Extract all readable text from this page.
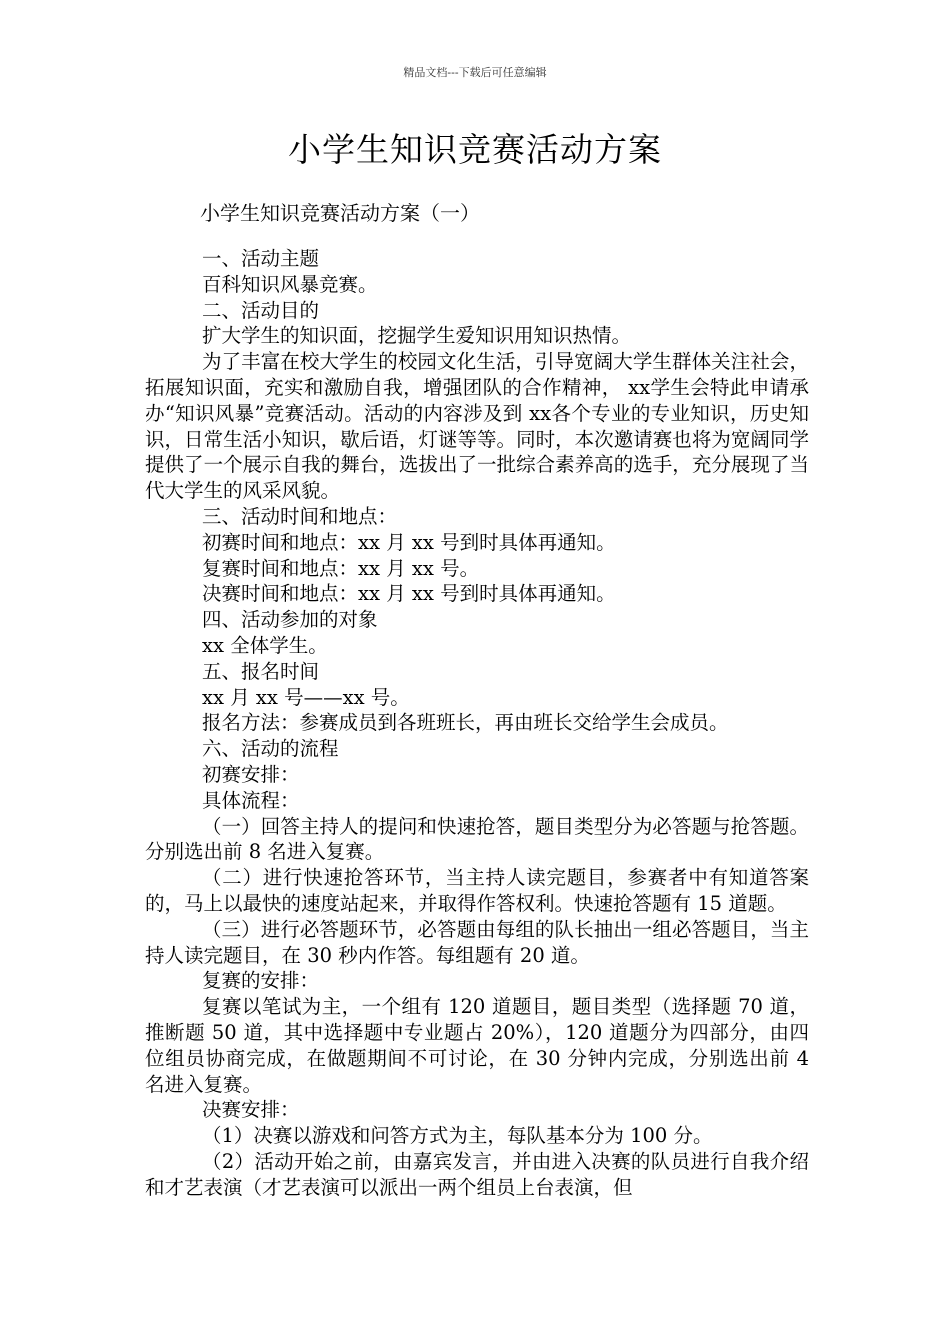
精品文档---下载后可任意编辑
小学生知识竞赛活动方案
小学生知识竞赛活动方案（一）

一、活动主题

百科知识风暴竞赛。

二、活动目的

扩大学生的知识面，挖掘学生爱知识用知识热情。

为了丰富在校大学生的校园文化生活，引导宽阔大学生群体关注社会，拓展知识面，充实和激励自我，增强团队的合作精神， xx学生会特此申请承办“知识风暴”竞赛活动。活动的内容涉及到 xx各个专业的专业知识，历史知识，日常生活小知识，歇后语，灯谜等等。同时，本次邀请赛也将为宽阔同学提供了一个展示自我的舞台，选拔出了一批综合素养高的选手，充分展现了当代大学生的风采风貌。

三、活动时间和地点：

初赛时间和地点：xx 月 xx 号到时具体再通知。

复赛时间和地点：xx 月 xx 号。

决赛时间和地点：xx 月 xx 号到时具体再通知。

四、活动参加的对象

xx 全体学生。

五、报名时间

xx 月 xx 号——xx 号。

报名方法：参赛成员到各班班长，再由班长交给学生会成员。

六、活动的流程

初赛安排：

具体流程：

（一）回答主持人的提问和快速抢答，题目类型分为必答题与抢答题。分别选出前 8 名进入复赛。

（二）进行快速抢答环节，当主持人读完题目，参赛者中有知道答案的，马上以最快的速度站起来，并取得作答权利。快速抢答题有 15 道题。

（三）进行必答题环节，必答题由每组的队长抽出一组必答题目，当主持人读完题目，在 30 秒内作答。每组题有 20 道。

复赛的安排：

复赛以笔试为主，一个组有 120 道题目，题目类型（选择题 70 道，推断题 50 道，其中选择题中专业题占 20%），120 道题分为四部分，由四位组员协商完成，在做题期间不可讨论，在 30 分钟内完成，分别选出前 4 名进入复赛。

决赛安排：

（1）决赛以游戏和问答方式为主，每队基本分为 100 分。

（2）活动开始之前，由嘉宾发言，并由进入决赛的队员进行自我介绍和才艺表演（才艺表演可以派出一两个组员上台表演，但
